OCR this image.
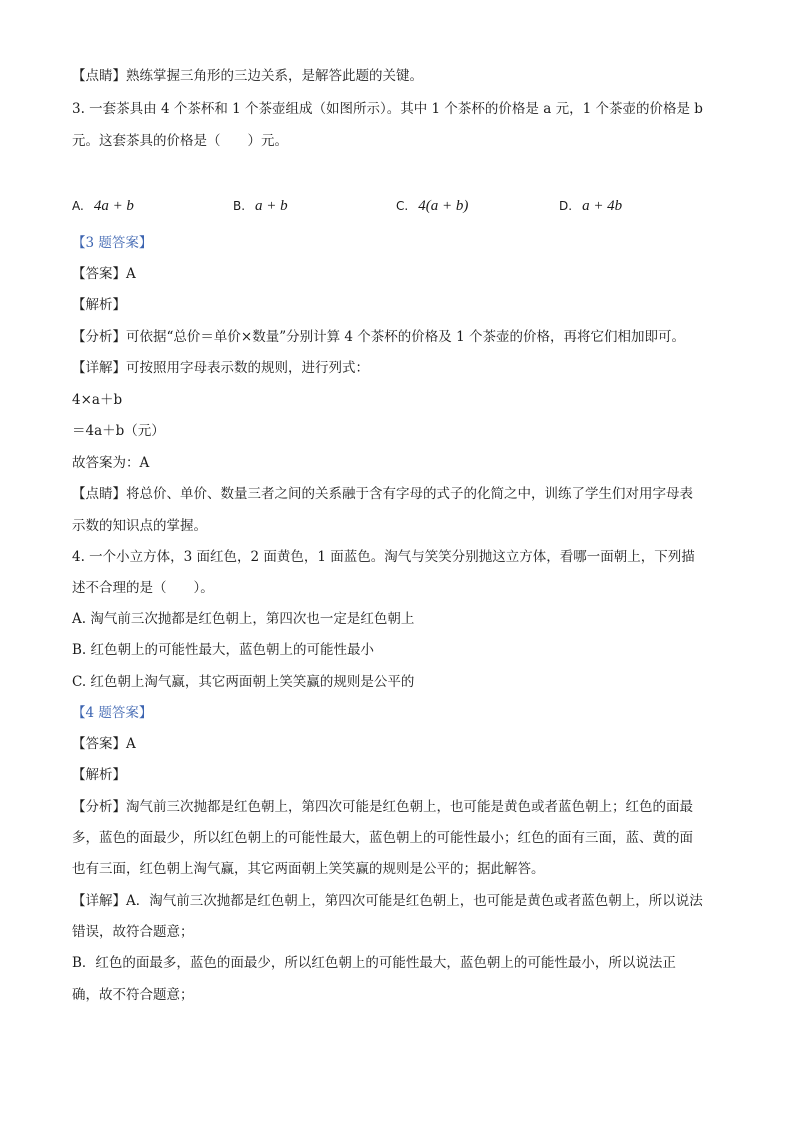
【点睛】熟练掌握三角形的三边关系，是解答此题的关键。
3. 一套茶具由 4 个茶杯和 1 个茶壶组成（如图所示）。其中 1 个茶杯的价格是 a 元，1 个茶壶的价格是 b
元。这套茶具的价格是（　　）元。
A. 4a + b	B. a + b	C. 4(a + b)	D. a + 4b
【3 题答案】
【答案】A
【解析】
【分析】可依据“总价＝单价×数量”分别计算 4 个茶杯的价格及 1 个茶壶的价格，再将它们相加即可。
【详解】可按照用字母表示数的规则，进行列式：
4×a＋b
＝4a＋b（元）
故答案为：A
【点睛】将总价、单价、数量三者之间的关系融于含有字母的式子的化简之中，训练了学生们对用字母表
示数的知识点的掌握。
4. 一个小立方体，3 面红色，2 面黄色，1 面蓝色。淘气与笑笑分别抛这立方体，看哪一面朝上，下列描
述不合理的是（　　）。
A. 淘气前三次抛都是红色朝上，第四次也一定是红色朝上
B. 红色朝上的可能性最大，蓝色朝上的可能性最小
C. 红色朝上淘气赢，其它两面朝上笑笑赢的规则是公平的
【4 题答案】
【答案】A
【解析】
【分析】淘气前三次抛都是红色朝上，第四次可能是红色朝上，也可能是黄色或者蓝色朝上；红色的面最
多，蓝色的面最少，所以红色朝上的可能性最大，蓝色朝上的可能性最小；红色的面有三面，蓝、黄的面
也有三面，红色朝上淘气赢，其它两面朝上笑笑赢的规则是公平的；据此解答。
【详解】A．淘气前三次抛都是红色朝上，第四次可能是红色朝上，也可能是黄色或者蓝色朝上，所以说法
错误，故符合题意；
B．红色的面最多，蓝色的面最少，所以红色朝上的可能性最大，蓝色朝上的可能性最小，所以说法正
确，故不符合题意；
